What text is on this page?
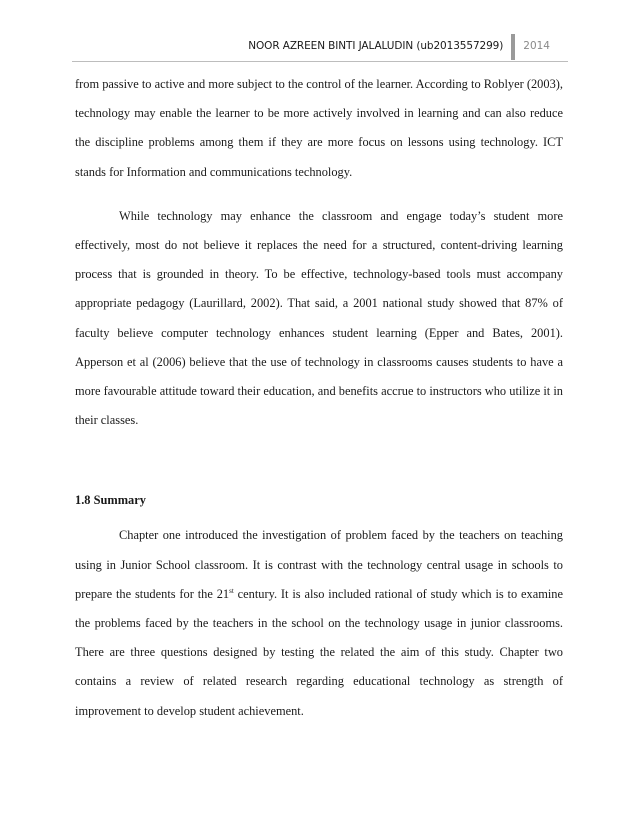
NOOR AZREEN BINTI JALALUDIN (ub2013557299)	2014

from passive to active and more subject to the control of the learner. According to Roblyer (2003), technology may enable the learner to be more actively involved in learning and can also reduce the discipline problems among them if they are more focus on lessons using technology. ICT stands for Information and communications technology.

While technology may enhance the classroom and engage today’s student more effectively, most do not believe it replaces the need for a structured, content-driving learning process that is grounded in theory. To be effective, technology-based tools must accompany appropriate pedagogy (Laurillard, 2002). That said, a 2001 national study showed that 87% of faculty believe computer technology enhances student learning (Epper and Bates, 2001). Apperson et al (2006) believe that the use of technology in classrooms causes students to have a more favourable attitude toward their education, and benefits accrue to instructors who utilize it in their classes.

1.8 Summary

Chapter one introduced the investigation of problem faced by the teachers on teaching using in Junior School classroom. It is contrast with the technology central usage in schools to prepare the students for the 21st century. It is also included rational of study which is to examine the problems faced by the teachers in the school on the technology usage in junior classrooms. There are three questions designed by testing the related the aim of this study. Chapter two contains a review of related research regarding educational technology as strength of improvement to develop student achievement.
